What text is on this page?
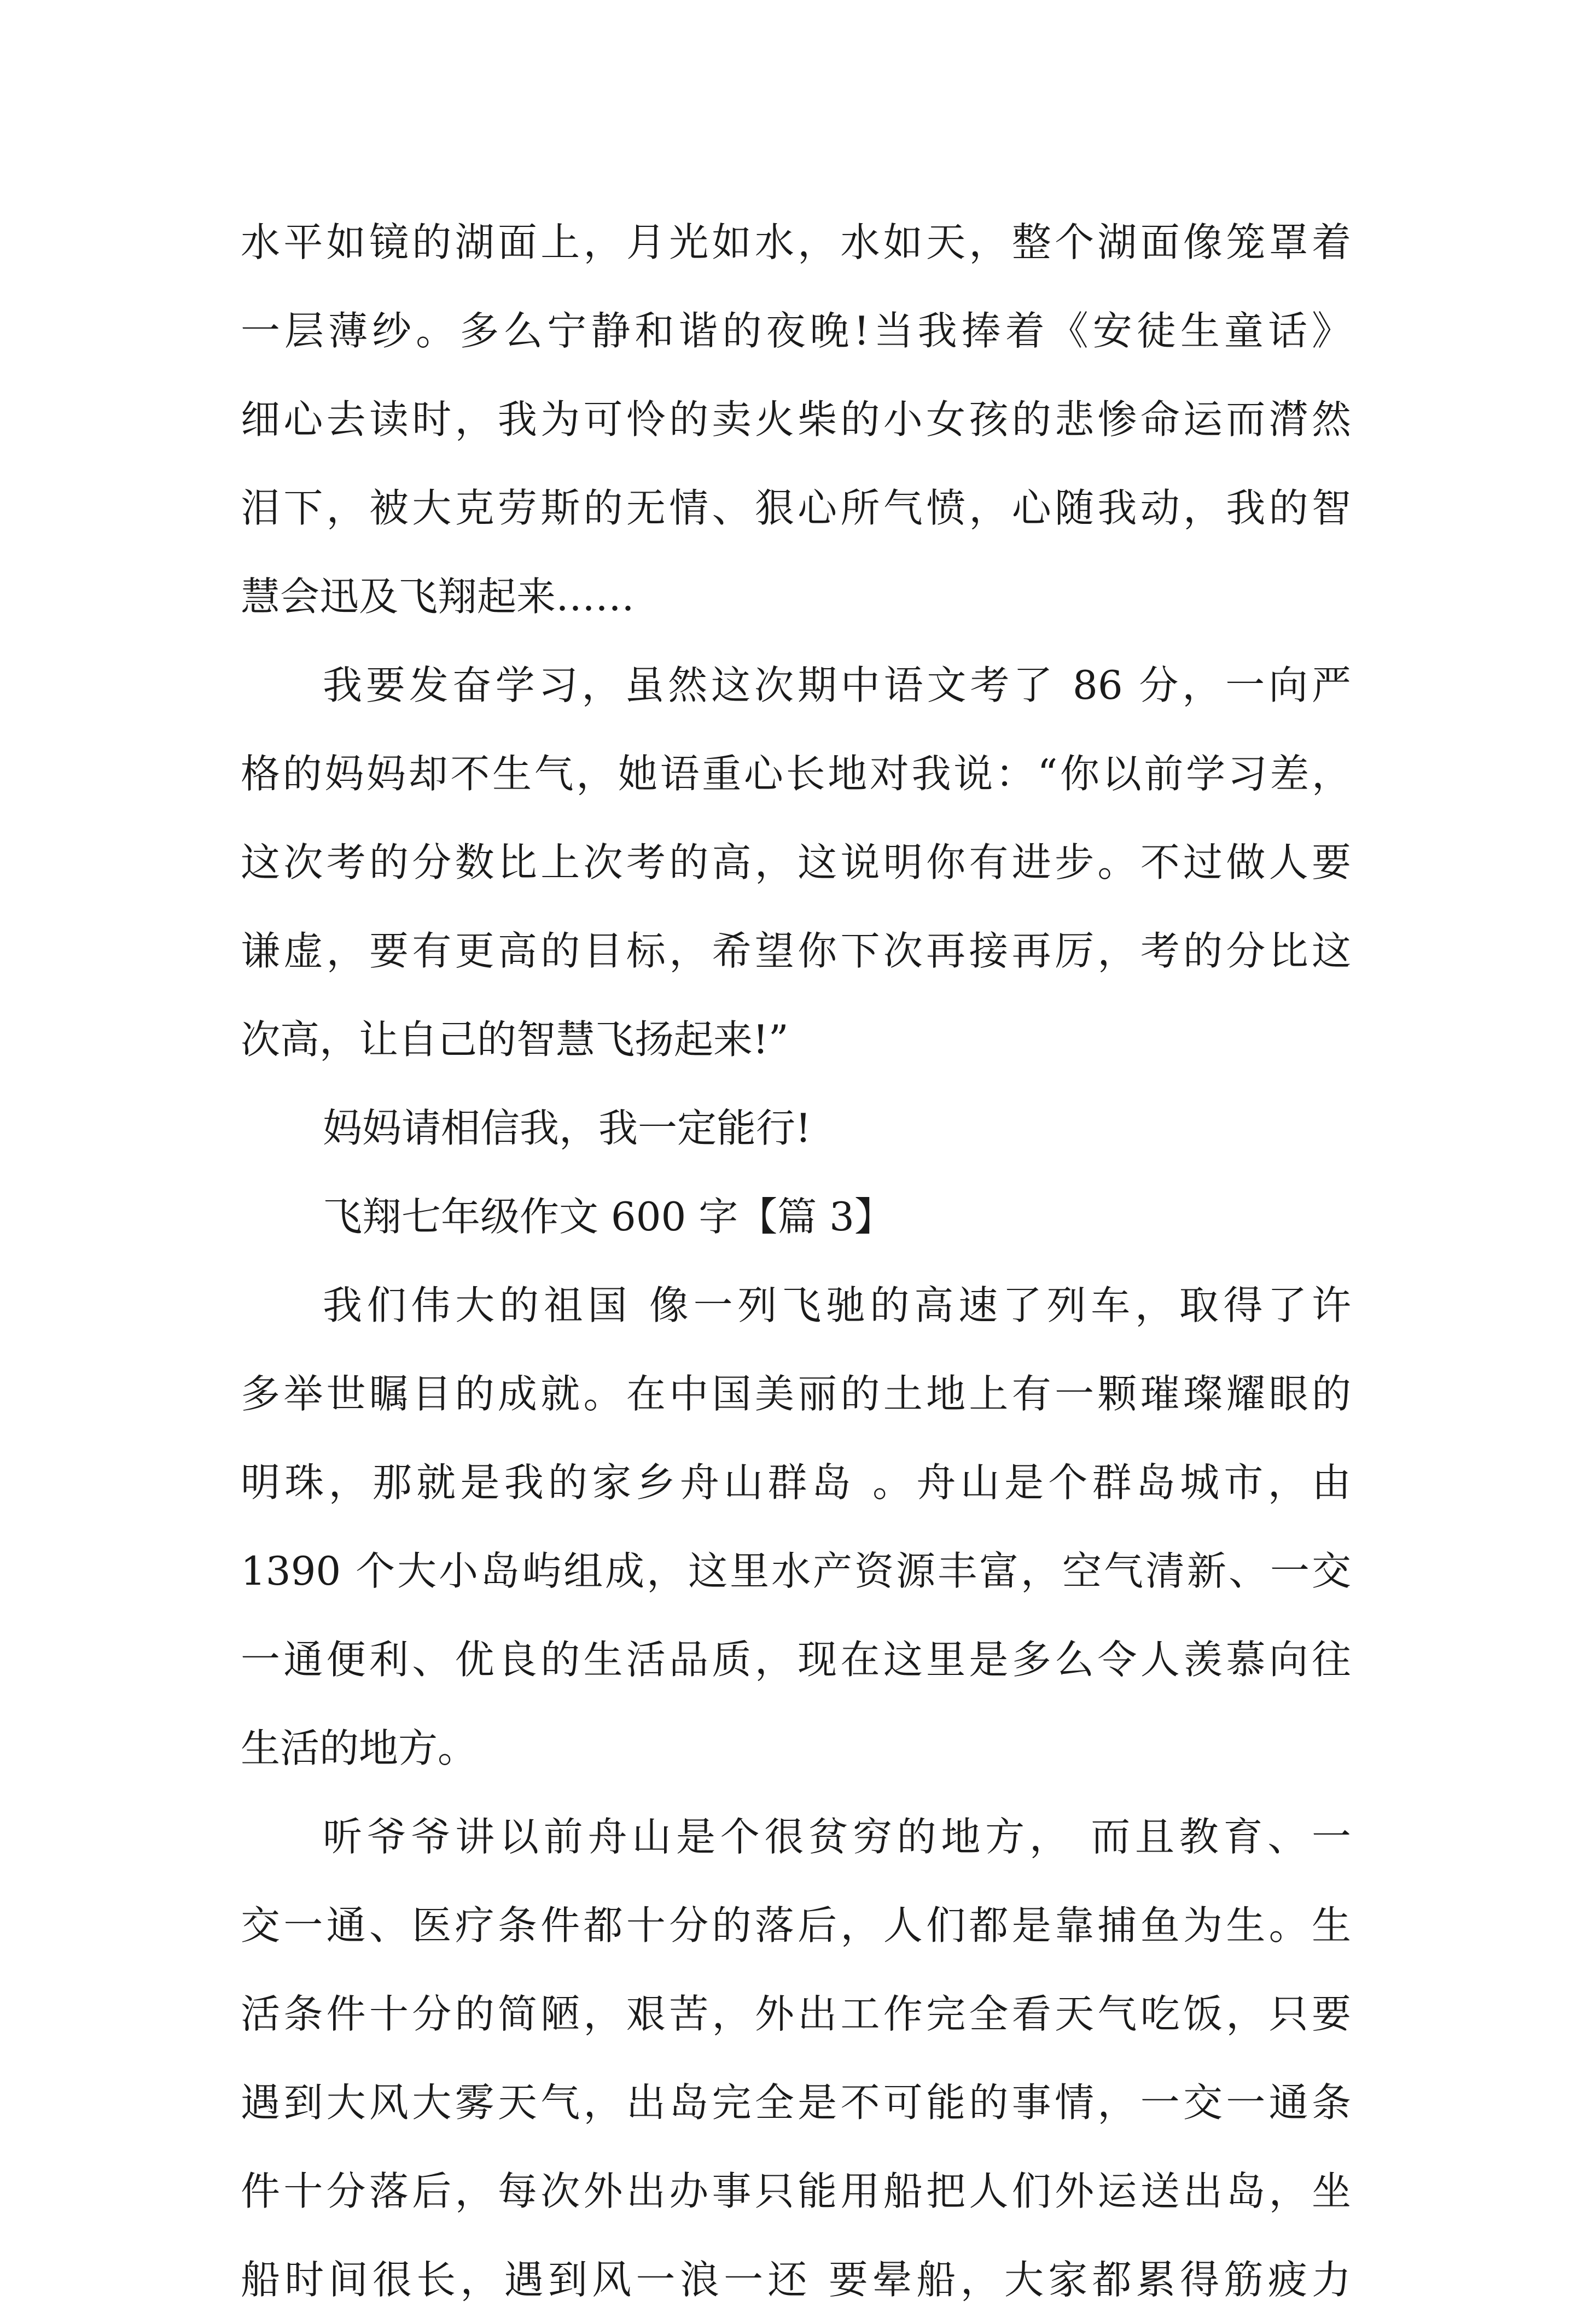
水平如镜的湖面上，月光如水，水如天，整个湖面像笼罩着
一层薄纱。多么宁静和谐的夜晚!当我捧着《安徒生童话》
细心去读时，我为可怜的卖火柴的小女孩的悲惨命运而潸然
泪下，被大克劳斯的无情、狠心所气愤，心随我动，我的智
慧会迅及飞翔起来……
我要发奋学习，虽然这次期中语文考了 86 分，一向严
格的妈妈却不生气，她语重心长地对我说：“你以前学习差，
这次考的分数比上次考的高，这说明你有进步。不过做人要
谦虚，要有更高的目标，希望你下次再接再厉，考的分比这
次高，让自己的智慧飞扬起来!”
妈妈请相信我，我一定能行!
飞翔七年级作文 600 字【篇 3】
我们伟大的祖国 像一列飞驰的高速了列车，取得了许
多举世瞩目的成就。在中国美丽的土地上有一颗璀璨耀眼的
明珠，那就是我的家乡舟山群岛 。舟山是个群岛城市，由
1390 个大小岛屿组成，这里水产资源丰富，空气清新、一交
一通便利、优良的生活品质，现在这里是多么令人羡慕向往
生活的地方。
听爷爷讲以前舟山是个很贫穷的地方， 而且教育、一
交一通、医疗条件都十分的落后，人们都是靠捕鱼为生。生
活条件十分的简陋，艰苦，外出工作完全看天气吃饭，只要
遇到大风大雾天气，出岛完全是不可能的事情，一交一通条
件十分落后，每次外出办事只能用船把人们外运送出岛，坐
船时间很长，遇到风一浪一还 要晕船，大家都累得筋疲力
